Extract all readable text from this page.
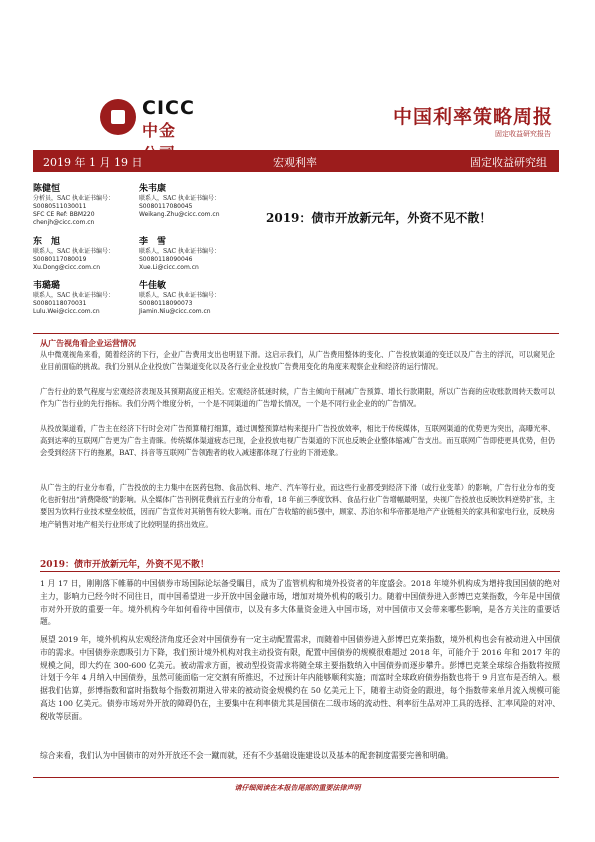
CICC
中金
中国利率策略周报
固定收益研究报告
2019 年 1 月 19 日	宏观利率	固定收益研究组
陈健恒
分析员，SAC 执业证书编号：
S0080511030011
SFC CE Ref: BBM220
chenjh@cicc.com.cn
朱韦康
联系人，SAC 执业证书编号：
S0080117080045
Weikang.Zhu@cicc.com.cn
东　旭
联系人，SAC 执业证书编号：
S0080117080019
Xu.Dong@cicc.com.cn
李　雪
联系人，SAC 执业证书编号：
S0080118090046
Xue.Li@cicc.com.cn
韦璐璐
联系人，SAC 执业证书编号：
S0080118070031
Lulu.Wei@cicc.com.cn
牛佳敏
联系人，SAC 执业证书编号：
S0080118090073
Jiamin.Niu@cicc.com.cn
2019：债市开放新元年，外资不见不散！
从广告视角看企业运营情况
从中微观视角来看，随着经济的下行，企业广告费用支出也明显下滑。这启示我们，从广告费用整体的变化、广告投放渠道的变迁以及广告主的浮沉，可以窥见企业目前面临的挑战。我们分别从企业投放广告渠道变化以及各行业企业投放广告费用变化的角度来观察企业和经济的运行情况。
广告行业的景气程度与宏观经济表现及其预期高度正相关。宏观经济低迷时候，广告主倾向于削减广告预算、增长行款期限，所以广告商的应收账款周转天数可以作为广告行业的先行指标。我们分两个维度分析，一个是不同渠道的广告增长情况，一个是不同行业企业的的广告情况。
从投放渠道看，广告主在经济下行时会对广告预算精打细算，通过调整预算结构来提升广告投放效率，相比于传统媒体，互联网渠道的优势更为突出，高曝光率、高到达率的互联网广告更为广告主青睐。传统媒体渠道疲态已现，企业投放电视广告渠道的下沉也反映企业整体缩减广告支出。而互联网广告即使更具优势，但仍会受到经济下行的拖累，BAT、抖音等互联网广告领跑者的收入减速都体现了行业的下滑迹象。
从广告主的行业分布看，广告投放的主力集中在医药包物、食品饮料、地产、汽车等行业，而这些行业都受到经济下滑（或行业变革）的影响，广告行业分布的变化也折射出“消费降级”的影响。从全媒体广告刊例花费前五行业的分布看，18 年前三季度饮料、食品行业广告增幅最明显，央视广告投放也反映饮料逆势扩张，主要因为饮料行业技术壁垒较低，因而广告宣传对其销售有较大影响。而在广告收缩的前5强中，顾家、苏泊尔和华帝都是地产产业链相关的家具和家电行业，反映房地产销售对地产相关行业形成了比较明显的挤出效应。
2019：债市开放新元年，外资不见不散！
1 月 17 日，刚刚落下帷幕的中国债券市场国际论坛备受瞩目，成为了监管机构和境外投资者的年度盛会。2018 年境外机构成为增持我国国债的绝对主力，影响力已经今时不同往日，而中国希望进一步开放中国金融市场，增加对境外机构的吸引力。随着中国债券进入彭博巴克莱指数，今年是中国债市对外开放的重要一年。境外机构今年如何看待中国债市，以及有多大体量资金进入中国市场，对中国债市又会带来哪些影响，是各方关注的重要话题。
展望 2019 年，境外机构从宏观经济角度还会对中国债券有一定主动配置需求，而随着中国债券进入彭博巴克莱指数，境外机构也会有被动进入中国债市的需求。中国债券亲惠吸引力下降，我们预计境外机构对我主动投资有限，配置中国债券的规模很难超过 2018 年，可能介于 2016 年和 2017 年的规模之间，即大约在 300-600 亿美元。被动需求方面，被动型投资需求将随全球主要指数纳入中国债券而逐步攀升。彭博巴克莱全球综合指数将按照计划于今年 4 月纳入中国债券，虽然可能面临一定交割有所推迟，不过预计年内能够顺利实施；而富时全球政府债券指数也将于 9 月宣布是否纳入。根据我们估算，彭博指数和富时指数每个指数初期进入带来的被动资金规模约在 50 亿美元上下，随着主动资金的跟进，每个指数带来单月流入规模可能高达 100 亿美元。债券市场对外开放的障碍仍在，主要集中在利率债尤其是国债在二级市场的流动性、利率衍生品对冲工具的选择、汇率风险的对冲、税收等层面。
综合来看，我们认为中国债市的对外开放还不会一蹴而就，还有不少基础设施建设以及基本的配套制度需要完善和明确。
请仔细阅读在本报告尾部的重要法律声明
